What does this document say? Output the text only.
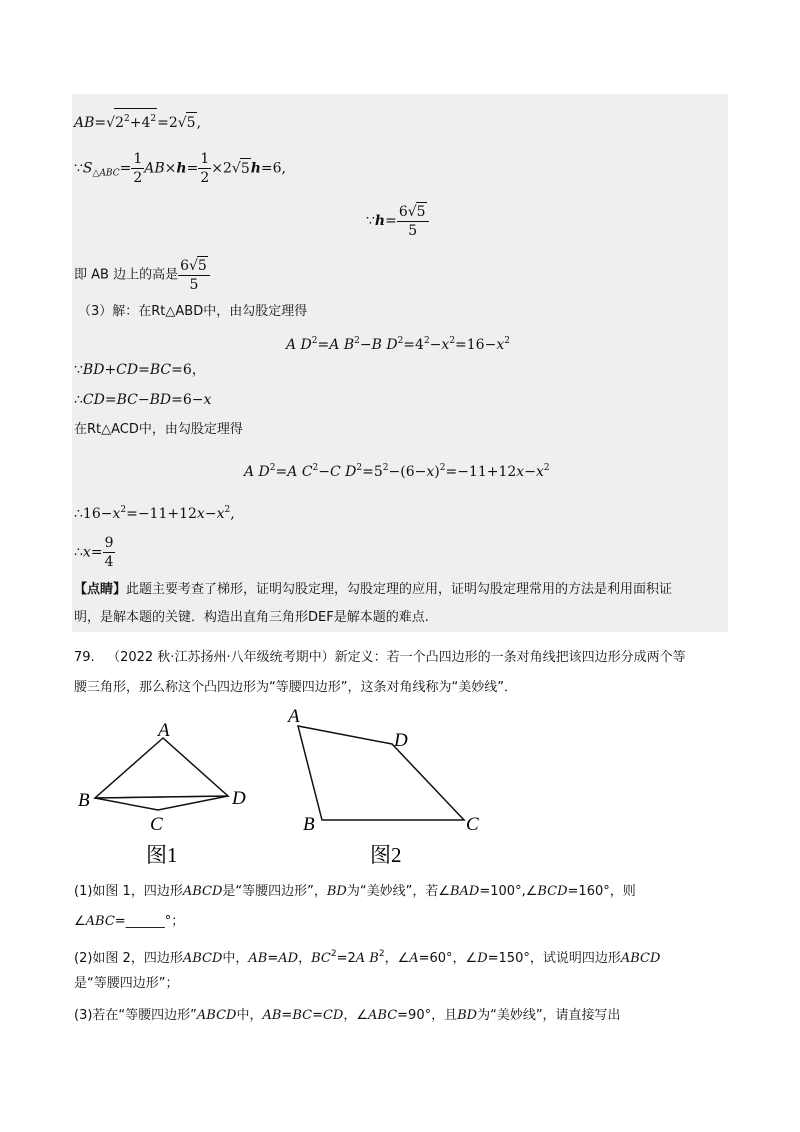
$AB=√2^2+4^2=2√5$,
$\because S_{\triangle ABC}= \frac{1}{2} AB\times h= \frac{1}{2} \times 2√5h=6$,
∵h= $\frac{6√5}{5}$
即 AB 边上的高是 $\frac{6√5}{5}$
（3）解：在Rt△ABD中，由勾股定理得
A $D^2=A$ $B^2-B$ $D^2=4^2-x^2=16-x^2$
∵BD+CD=BC=6，
∴CD=BC−BD=6−x
在Rt△ACD中，由勾股定理得
A $D^2=A$ $C^2-C$ $D^2=5^2-(6-x)^2=-11+12x-x^2$
$\therefore 16-x^2=-11+12x-x^2$,
∴x= $\frac{9}{4}$
【点睛】此题主要考查了梯形，证明勾股定理，勾股定理的应用，证明勾股定理常用的方法是利用面积证
明，是解本题的关键．构造出直角三角形DEF是解本题的难点.
79. （2022 秋·江苏扬州·八年级统考期中）新定义：若一个凸四边形的一条对角线把该四边形分成两个等
腰三角形，那么称这个凸四边形为“等腰四边形”，这条对角线称为“美妙线”．
A
B
C
D
图1
A
B	C
D
图2
(1)如图 1，四边形ABCD是“等腰四边形”，BD为“美妙线”，若∠BAD=100°,∠BCD=160°，则
∠ABC=______°；
(2)如图 2，四边形ABCD中，AB=AD，$BC^2=2A$ $B^2$，∠A=60°，∠D=150°，试说明四边形ABCD
是“等腰四边形”；
(3)若在“等腰四边形”ABCD中，AB=BC=CD，∠ABC=90°，且BD为“美妙线”，请直接写出
